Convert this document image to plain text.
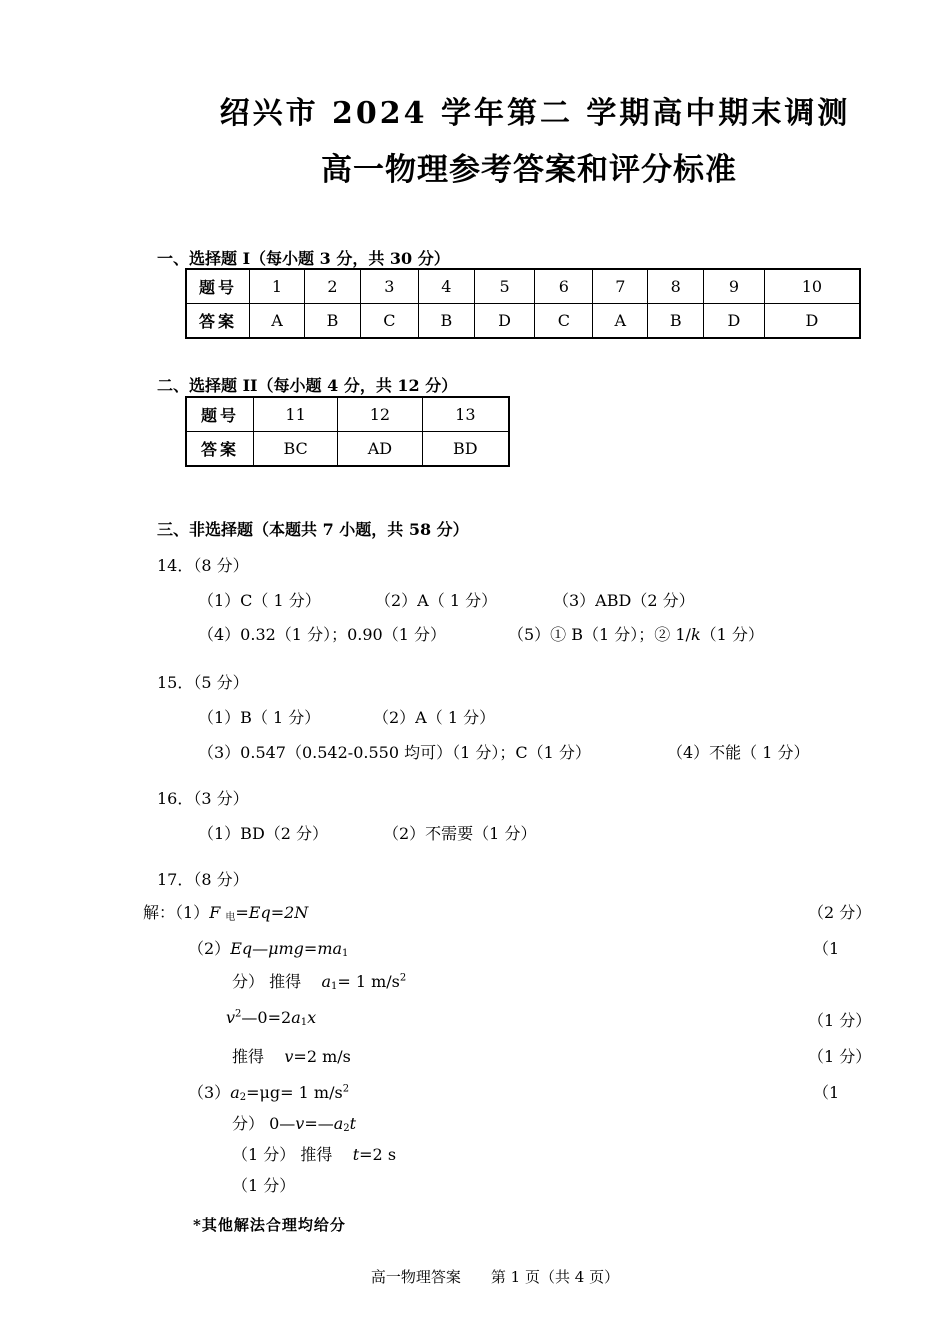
绍兴市 2024 学年第二 学期高中期末调测
高一物理参考答案和评分标准
一、选择题 I（每小题 3 分，共 30 分）
题号	1	2	3	4	5	6	7	8	9	10
答案	A	B	C	B	D	C	A	B	D	D
二、选择题 II（每小题 4 分，共 12 分）
题号	11	12	13
答案	BC	AD	BD
三、非选择题（本题共 7 小题，共 58 分）
14．（8 分）
（1）C（ 1 分）	（2）A（ 1 分）	（3）ABD（2 分）
（4）0.32（1 分）；0.90（1 分）	（5）① B（1 分）；② 1/k（1 分）
15．（5 分）
（1）B（ 1 分）	（2）A（ 1 分）
（3）0.547（0.542-0.550 均可）（1 分）；C（1 分）	（4）不能（ 1 分）
16．（3 分）
（1）BD（2 分）	（2）不需要（1 分）
17．（8 分）
解：（1）F $_电$=Eq=2N	（2 分）
$(2)Eq—\mu mg=ma_1$	（1
分） 推得 $a_1= 1$ $m/s^2$
$v^2—0=2a_1x$	（1 分）
推得 v=2 m/s	（1 分）
$(3)a_2=\mu g= 1$ $m/s^2$	（1
分） $0—v=—a_2t$
（1 分） 推得 t=2 s
（1 分）
*其他解法合理均给分
高一物理答案　　第 1 页（共 4 页）
